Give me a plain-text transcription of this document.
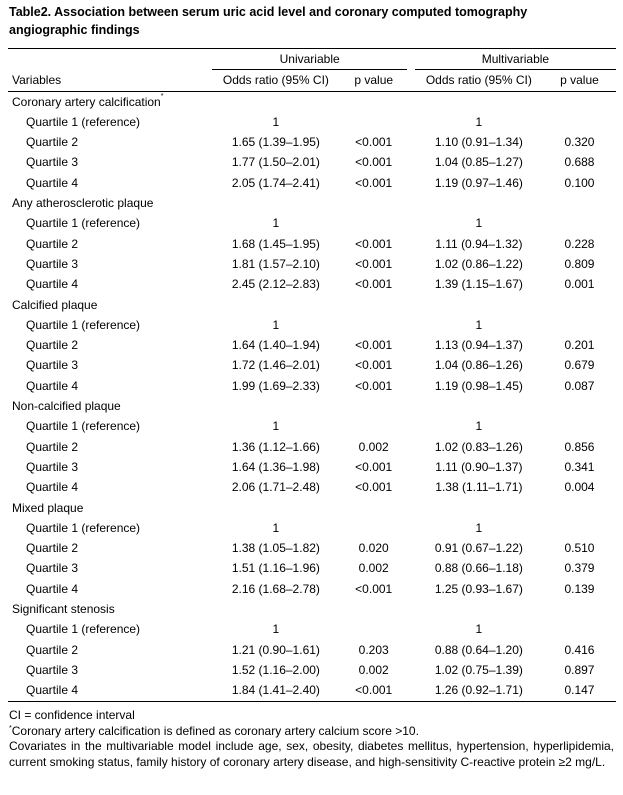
Table2. Association between serum uric acid level and coronary computed tomography
angiographic findings
	Univariable			Multivariable	
Variables	Odds ratio (95% CI)	p value		Odds ratio (95% CI)	p value
Coronary artery calcification*					
Quartile 1 (reference)	1			1	
Quartile 2	1.65 (1.39–1.95)	<0.001		1.10 (0.91–1.34)	0.320
Quartile 3	1.77 (1.50–2.01)	<0.001		1.04 (0.85–1.27)	0.688
Quartile 4	2.05 (1.74–2.41)	<0.001		1.19 (0.97–1.46)	0.100
Any atherosclerotic plaque					
Quartile 1 (reference)	1			1	
Quartile 2	1.68 (1.45–1.95)	<0.001		1.11 (0.94–1.32)	0.228
Quartile 3	1.81 (1.57–2.10)	<0.001		1.02 (0.86–1.22)	0.809
Quartile 4	2.45 (2.12–2.83)	<0.001		1.39 (1.15–1.67)	0.001
Calcified plaque					
Quartile 1 (reference)	1			1	
Quartile 2	1.64 (1.40–1.94)	<0.001		1.13 (0.94–1.37)	0.201
Quartile 3	1.72 (1.46–2.01)	<0.001		1.04 (0.86–1.26)	0.679
Quartile 4	1.99 (1.69–2.33)	<0.001		1.19 (0.98–1.45)	0.087
Non-calcified plaque					
Quartile 1 (reference)	1			1	
Quartile 2	1.36 (1.12–1.66)	0.002		1.02 (0.83–1.26)	0.856
Quartile 3	1.64 (1.36–1.98)	<0.001		1.11 (0.90–1.37)	0.341
Quartile 4	2.06 (1.71–2.48)	<0.001		1.38 (1.11–1.71)	0.004
Mixed plaque					
Quartile 1 (reference)	1			1	
Quartile 2	1.38 (1.05–1.82)	0.020		0.91 (0.67–1.22)	0.510
Quartile 3	1.51 (1.16–1.96)	0.002		0.88 (0.66–1.18)	0.379
Quartile 4	2.16 (1.68–2.78)	<0.001		1.25 (0.93–1.67)	0.139
Significant stenosis					
Quartile 1 (reference)	1			1	
Quartile 2	1.21 (0.90–1.61)	0.203		0.88 (0.64–1.20)	0.416
Quartile 3	1.52 (1.16–2.00)	0.002		1.02 (0.75–1.39)	0.897
Quartile 4	1.84 (1.41–2.40)	<0.001		1.26 (0.92–1.71)	0.147
CI = confidence interval
*Coronary artery calcification is defined as coronary artery calcium score >10.
Covariates in the multivariable model include age, sex, obesity, diabetes mellitus, hypertension, hyperlipidemia, current smoking status, family history of coronary artery disease, and high-sensitivity C-reactive protein ≥2 mg/L.
